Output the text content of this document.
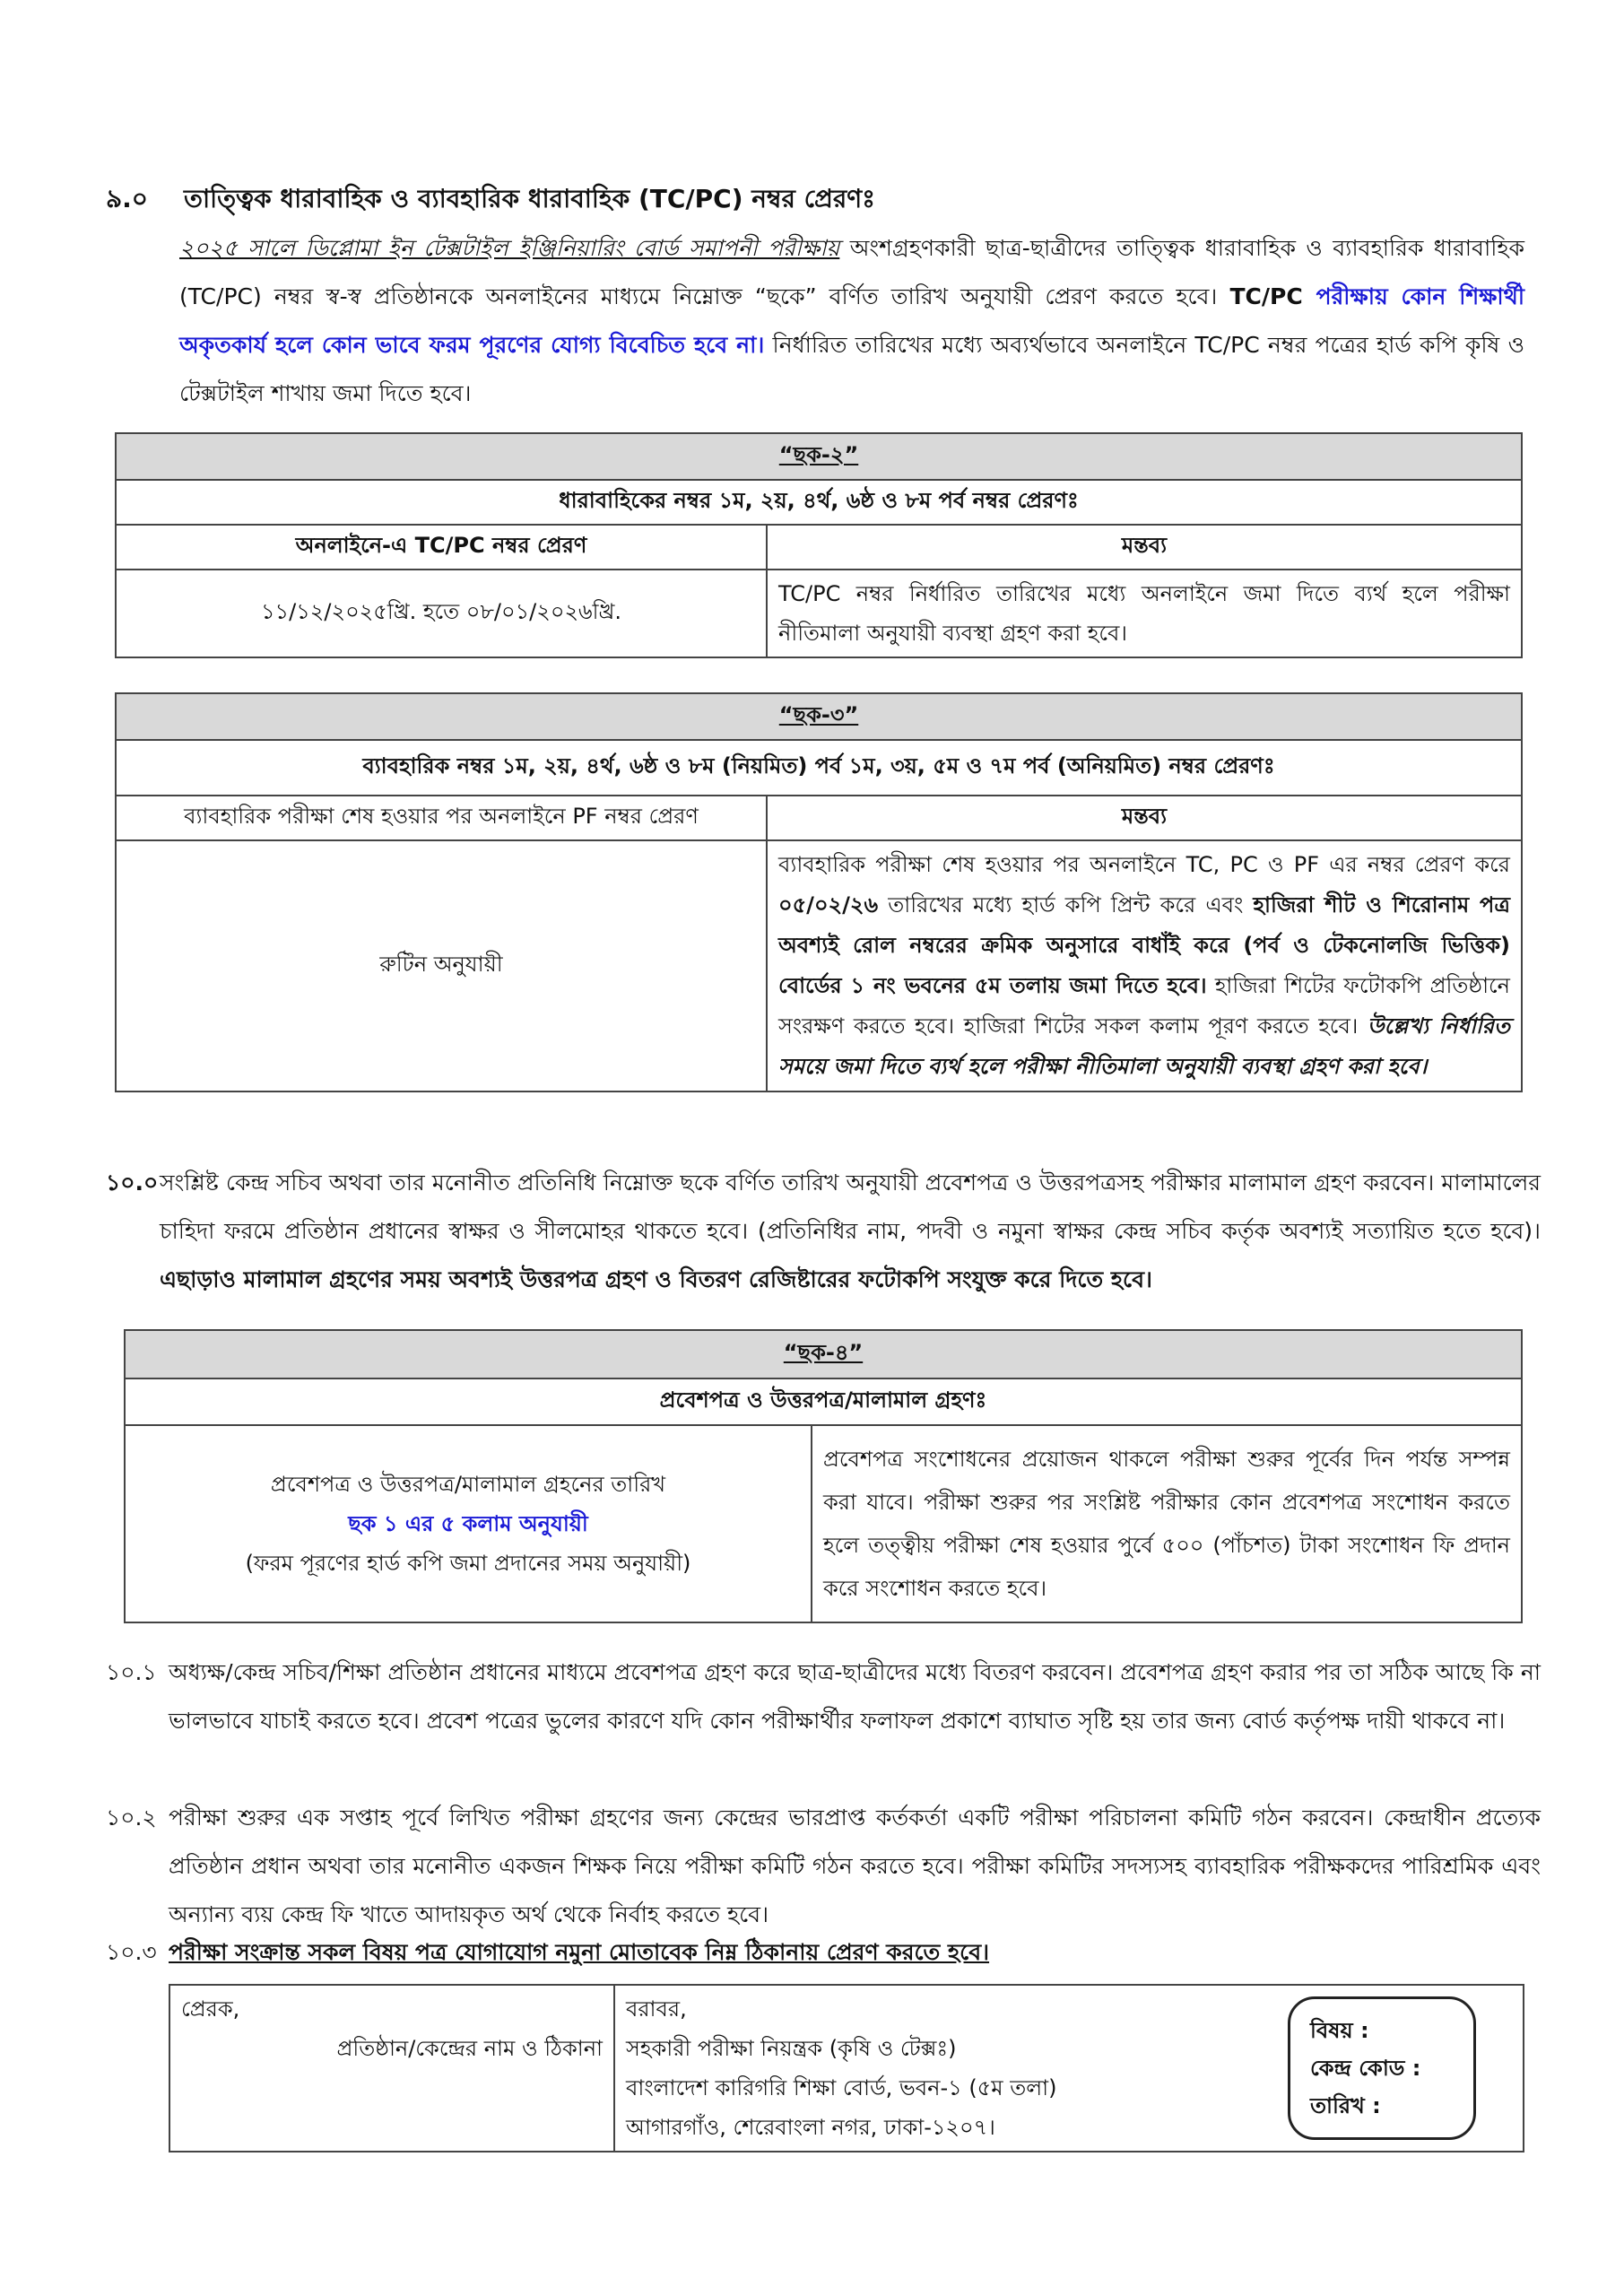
৯.০ তাত্ত্বিক ধারাবাহিক ও ব্যাবহারিক ধারাবাহিক (TC/PC) নম্বর প্রেরণঃ
২০২৫ সালে ডিপ্লোমা ইন টেক্সটাইল ইঞ্জিনিয়ারিং বোর্ড সমাপনী পরীক্ষায় অংশগ্রহণকারী ছাত্র-ছাত্রীদের তাত্ত্বিক ধারাবাহিক ও ব্যাবহারিক ধারাবাহিক (TC/PC) নম্বর স্ব-স্ব প্রতিষ্ঠানকে অনলাইনের মাধ্যমে নিম্নোক্ত “ছকে” বর্ণিত তারিখ অনুযায়ী প্রেরণ করতে হবে। TC/PC পরীক্ষায় কোন শিক্ষার্থী অকৃতকার্য হলে কোন ভাবে ফরম পূরণের যোগ্য বিবেচিত হবে না। নির্ধারিত তারিখের মধ্যে অব্যর্থভাবে অনলাইনে TC/PC নম্বর পত্রের হার্ড কপি কৃষি ও টেক্সটাইল শাখায় জমা দিতে হবে।
“ছক-২”	
ধারাবাহিকের নম্বর ১ম, ২য়, ৪র্থ, ৬ষ্ঠ ও ৮ম পর্ব নম্বর প্রেরণঃ	
অনলাইনে-এ TC/PC নম্বর প্রেরণ	মন্তব্য
১১/১২/২০২৫খ্রি. হতে ০৮/০১/২০২৬খ্রি.	TC/PC নম্বর নির্ধারিত তারিখের মধ্যে অনলাইনে জমা দিতে ব্যর্থ হলে পরীক্ষা নীতিমালা অনুযায়ী ব্যবস্থা গ্রহণ করা হবে।
“ছক-৩”	
ব্যাবহারিক নম্বর ১ম, ২য়, ৪র্থ, ৬ষ্ঠ ও ৮ম (নিয়মিত) পর্ব ১ম, ৩য়, ৫ম ও ৭ম পর্ব (অনিয়মিত) নম্বর প্রেরণঃ	
ব্যাবহারিক পরীক্ষা শেষ হওয়ার পর অনলাইনে PF নম্বর প্রেরণ	মন্তব্য
রুটিন অনুযায়ী	ব্যাবহারিক পরীক্ষা শেষ হওয়ার পর অনলাইনে TC, PC ও PF এর নম্বর প্রেরণ করে ০৫/০২/২৬ তারিখের মধ্যে হার্ড কপি প্রিন্ট করে এবং হাজিরা শীট ও শিরোনাম পত্র অবশ্যই রোল নম্বরের ক্রমিক অনুসারে বাধাঁই করে (পর্ব ও টেকনোলজি ভিত্তিক) বোর্ডের ১ নং ভবনের ৫ম তলায় জমা দিতে হবে। হাজিরা শিটের ফটোকপি প্রতিষ্ঠানে সংরক্ষণ করতে হবে। হাজিরা শিটের সকল কলাম পূরণ করতে হবে। উল্লেখ্য নির্ধারিত সময়ে জমা দিতে ব্যর্থ হলে পরীক্ষা নীতিমালা অনুযায়ী ব্যবস্থা গ্রহণ করা হবে।
১০.০ সংশ্লিষ্ট কেন্দ্র সচিব অথবা তার মনোনীত প্রতিনিধি নিম্নোক্ত ছকে বর্ণিত তারিখ অনুযায়ী প্রবেশপত্র ও উত্তরপত্রসহ পরীক্ষার মালামাল গ্রহণ করবেন। মালামালের চাহিদা ফরমে প্রতিষ্ঠান প্রধানের স্বাক্ষর ও সীলমোহর থাকতে হবে। (প্রতিনিধির নাম, পদবী ও নমুনা স্বাক্ষর কেন্দ্র সচিব কর্তৃক অবশ্যই সত্যায়িত হতে হবে)। এছাড়াও মালামাল গ্রহণের সময় অবশ্যই উত্তরপত্র গ্রহণ ও বিতরণ রেজিষ্টারের ফটোকপি সংযুক্ত করে দিতে হবে।
“ছক-৪”
প্রবেশপত্র ও উত্তরপত্র/মালামাল গ্রহণঃ

প্রবেশপত্র ও উত্তরপত্র/মালামাল গ্রহনের তারিখ
ছক ১ এর ৫ কলাম অনুযায়ী
(ফরম পূরণের হার্ড কপি জমা প্রদানের সময় অনুযায়ী)
	প্রবেশপত্র সংশোধনের প্রয়োজন থাকলে পরীক্ষা শুরুর পূর্বের দিন পর্যন্ত সম্পন্ন করা যাবে। পরীক্ষা শুরুর পর সংশ্লিষ্ট পরীক্ষার কোন প্রবেশপত্র সংশোধন করতে হলে তত্ত্বীয় পরীক্ষা শেষ হওয়ার পুর্বে ৫০০ (পাঁচশত) টাকা সংশোধন ফি প্রদান করে সংশোধন করতে হবে।
১০.১ অধ্যক্ষ/কেন্দ্র সচিব/শিক্ষা প্রতিষ্ঠান প্রধানের মাধ্যমে প্রবেশপত্র গ্রহণ করে ছাত্র-ছাত্রীদের মধ্যে বিতরণ করবেন। প্রবেশপত্র গ্রহণ করার পর তা সঠিক আছে কি না ভালভাবে যাচাই করতে হবে। প্রবেশ পত্রের ভুলের কারণে যদি কোন পরীক্ষার্থীর ফলাফল প্রকাশে ব্যাঘাত সৃষ্টি হয় তার জন্য বোর্ড কর্তৃপক্ষ দায়ী থাকবে না।
১০.২ পরীক্ষা শুরুর এক সপ্তাহ পূর্বে লিখিত পরীক্ষা গ্রহণের জন্য কেন্দ্রের ভারপ্রাপ্ত কর্তকর্তা একটি পরীক্ষা পরিচালনা কমিটি গঠন করবেন। কেন্দ্রাধীন প্রত্যেক প্রতিষ্ঠান প্রধান অথবা তার মনোনীত একজন শিক্ষক নিয়ে পরীক্ষা কমিটি গঠন করতে হবে। পরীক্ষা কমিটির সদস্যসহ ব্যাবহারিক পরীক্ষকদের পারিশ্রমিক এবং অন্যান্য ব্যয় কেন্দ্র ফি খাতে আদায়কৃত অর্থ থেকে নির্বাহ করতে হবে।
১০.৩ পরীক্ষা সংক্রান্ত সকল বিষয় পত্র যোগাযোগ নমুনা মোতাবেক নিম্ন ঠিকানায় প্রেরণ করতে হবে।
প্রেরক,
প্রতিষ্ঠান/কেন্দ্রের নাম ও ঠিকানা

বরাবর,
সহকারী পরীক্ষা নিয়ন্ত্রক (কৃষি ও টেক্সঃ)
বাংলাদেশ কারিগরি শিক্ষা বোর্ড, ভবন-১ (৫ম তলা)
আগারগাঁও, শেরেবাংলা নগর, ঢাকা-১২০৭।

বিষয় :
কেন্দ্র কোড :
তারিখ :
